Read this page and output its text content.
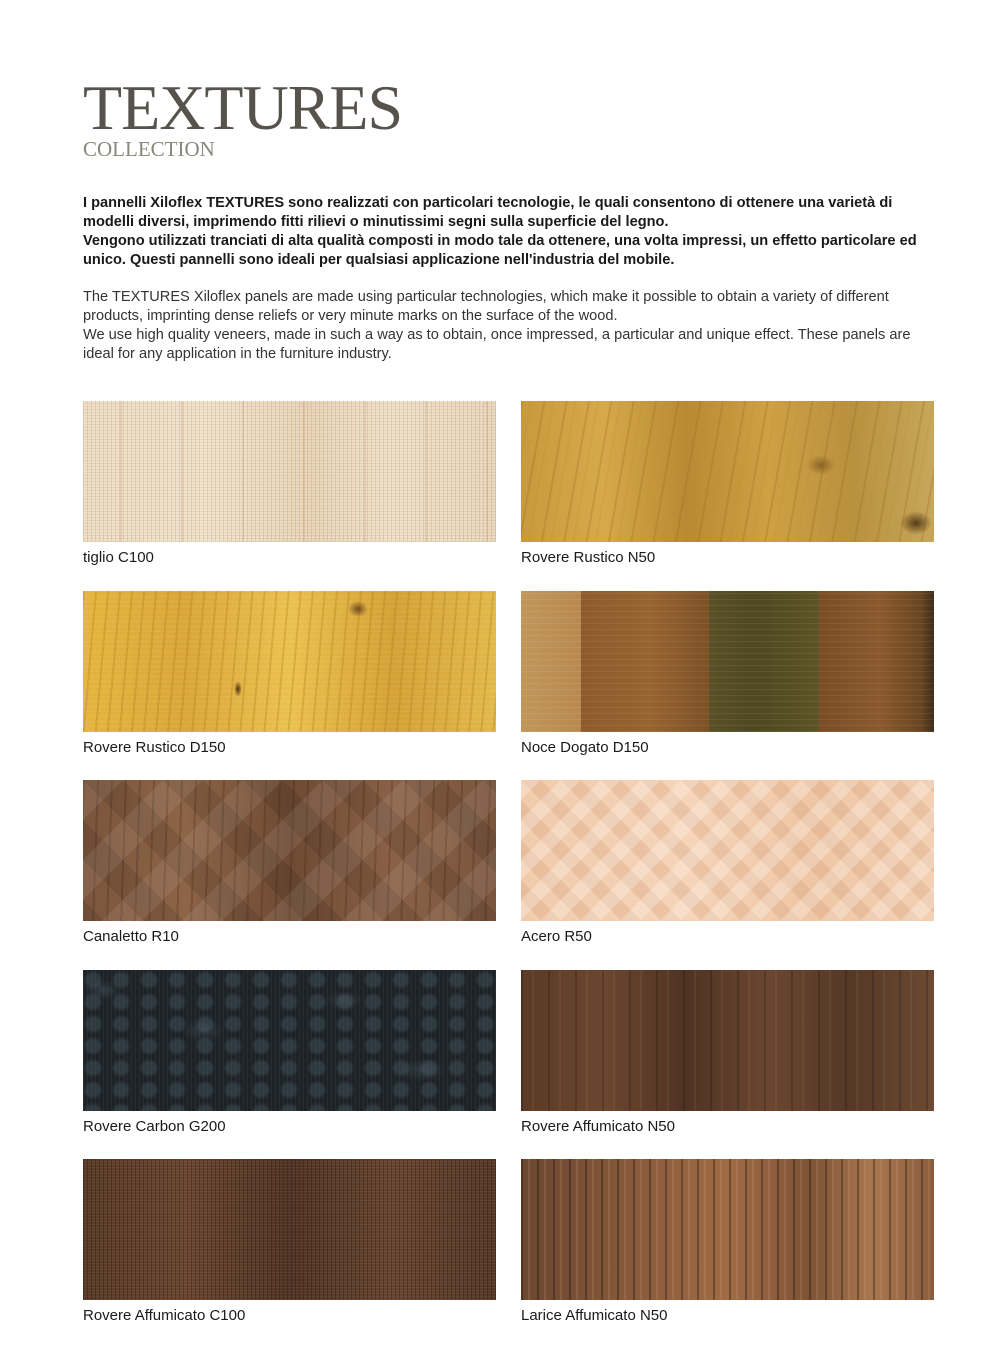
TEXTURES

COLLECTION

I pannelli Xiloflex TEXTURES sono realizzati con particolari tecnologie, le quali consentono di ottenere una varietà di modelli diversi, imprimendo fitti rilievi o minutissimi segni sulla superficie del legno.

Vengono utilizzati tranciati di alta qualità composti in modo tale da ottenere, una volta impressi, un effetto particolare ed unico. Questi pannelli sono ideali per qualsiasi applicazione nell'industria del mobile.

The TEXTURES Xiloflex panels are made using particular technologies, which make it possible to obtain a variety of different products, imprinting dense reliefs or very minute marks on the surface of the wood.

We use high quality veneers, made in such a way as to obtain, once impressed, a particular and unique effect. These panels are ideal for any application in the furniture industry.

tiglio C100	Rovere Rustico N50
Rovere Rustico D150	Noce Dogato D150
Canaletto R10	Acero R50
Rovere Carbon G200	Rovere Affumicato N50
Rovere Affumicato C100	Larice Affumicato N50
